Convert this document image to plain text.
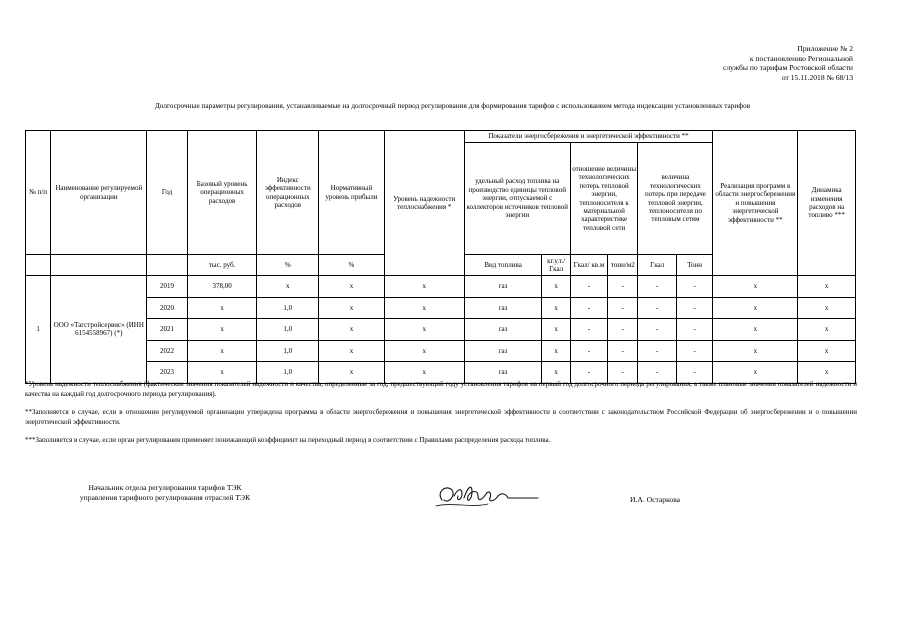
Приложение № 2
к постановлению Региональной
службы по тарифам Ростовской области
от 15.11.2018 № 68/13
Долгосрочные параметры регулирования, устанавливаемые на долгосрочный период регулирования для формирования тарифов с использованием метода индексации установленных тарифов
№ п/п	Наименование регулируемой организации	Год	Базовый уровень операционных расходов	Индекс эффективности операционных расходов	Нормативный уровень прибыли	Уровень надежности теплоснабжения *	Показатели энергосбережения и энергетической эффективности **						Реализация программ в области энергосбережения и повышения энергетической эффективности **	Динамика изменения расходов на топливо ***
							удельный расход топлива на производство единицы тепловой энергии, отпускаемой с коллекторов источников тепловой энергии		отношение величины технологических потерь тепловой энергии, теплоносителя к материальной характеристике тепловой сети		величина технологических потерь при передаче тепловой энергии, теплоносителя по тепловым сетям			
			тыс. руб.	%	%		Вид топлива	кг.у.т./Гкал	Гкал/ кв.м	тонн/м2	Гкал	Тонн		
1	ООО «Тагстройсервис» (ИНН 6154558967) (*)	2019	378,00	х	х	х	газ	х	-	-	-	-	х	х
		2020	х	1,0	х	х	газ	х	-	-	-	-	х	х
		2021	х	1,0	х	х	газ	х	-	-	-	-	х	х
		2022	х	1,0	х	х	газ	х	-	-	-	-	х	х
		2023	х	1,0	х	х	газ	х	-	-	-	-	х	х
*Уровень надежности теплоснабжения (фактические значения показателей надежности и качества, определенные за год, предшествующий году установления тарифов на первый год долгосрочного периода регулирования, а также плановые значения показателей надежности и качества на каждый год долгосрочного периода регулирования).
**Заполняется в случае, если в отношении регулируемой организации утверждена программа в области энергосбережения и повышения энергетической эффективности в соответствии с законодательством Российской Федерации об энергосбережении и о повышении энергетической эффективности.
***Заполняется в случае, если орган регулирования применяет понижающий коэффициент на переходный период в соответствии с Правилами распределения расхода топлива.
Начальник отдела регулирования тарифов ТЭК
управления тарифного регулирования отраслей ТЭК	И.А. Остаркова
